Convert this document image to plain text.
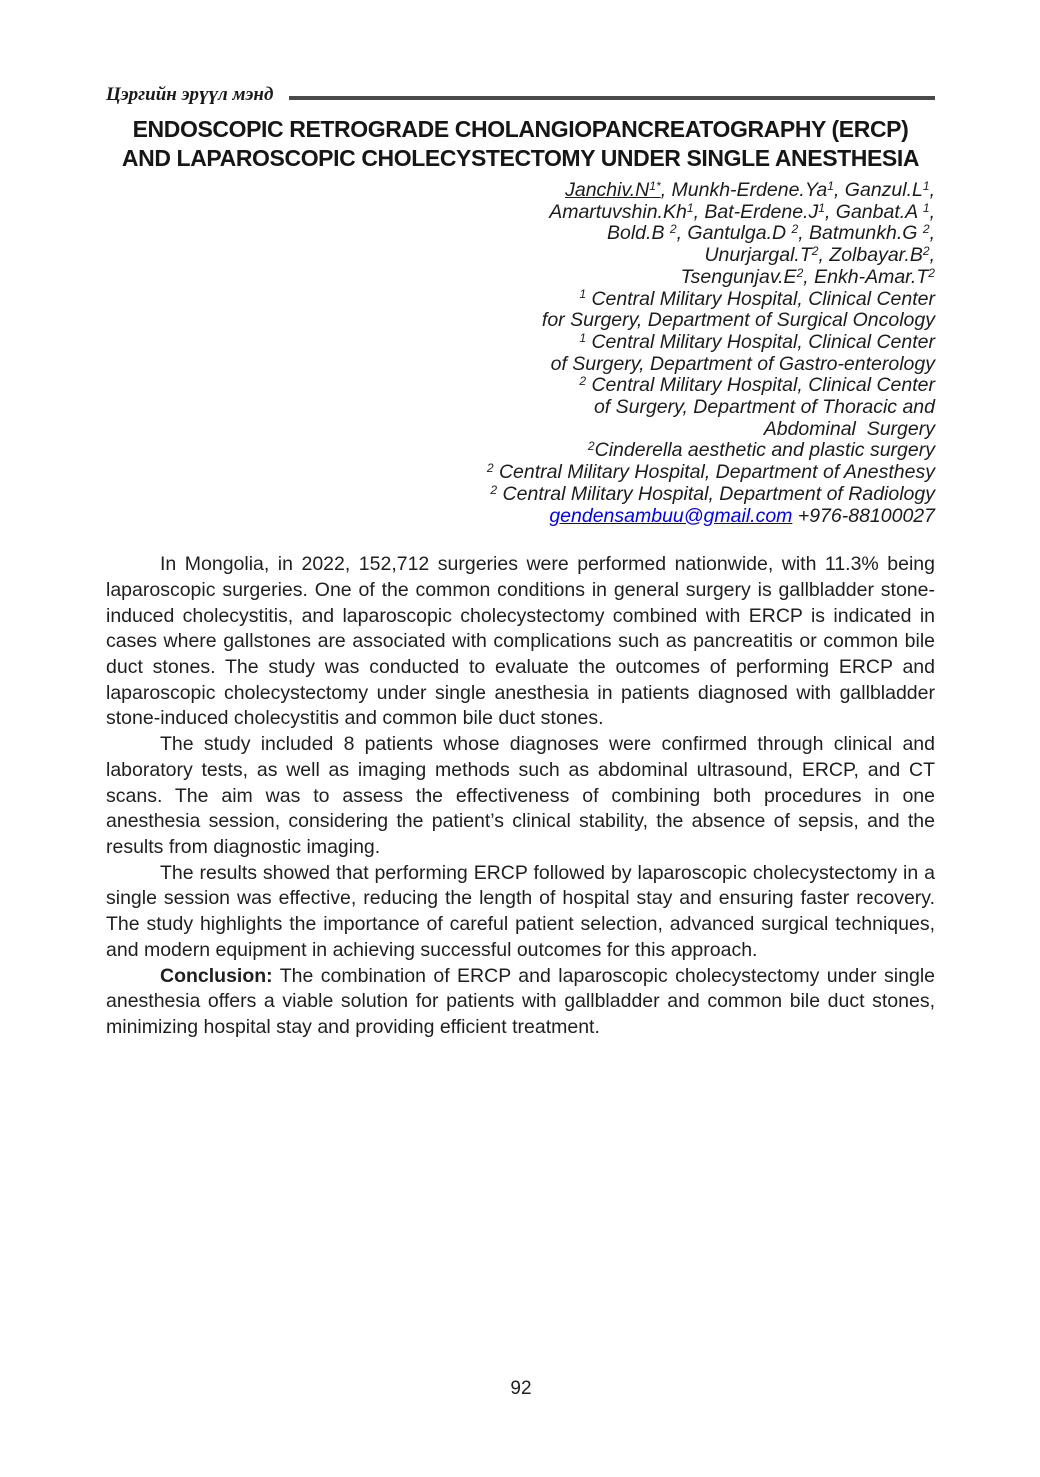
Цэргийн эрүүл мэнд
ENDOSCOPIC RETROGRADE CHOLANGIOPANCREATOGRAPHY (ERCP)
AND LAPAROSCOPIC CHOLECYSTECTOMY UNDER SINGLE ANESTHESIA
$Janchiv.N^{1*}$, Munkh-Erdene.Ya$^1$, $Ganzul.L^1$,
Amartuvshin.Kh$^1$, Bat-$Erdene.J^1$, Ganbat.A $^1$,
Bold.B $^2$, Gantulga.D $^2$, Batmunkh.G $^2$,
$Unurjargal.T^2$, $Zolbayar.B^2$,
$Tsengunjav.E^2$, Enkh-$Amar.T^2$
$^1$ Central Military Hospital, Clinical Center
for Surgery, Department of Surgical Oncology
$^1$ Central Military Hospital, Clinical Center
of Surgery, Department of Gastro-enterology
$^2$ Central Military Hospital, Clinical Center
of Surgery, Department of Thoracic and
Abdominal  Surgery
$^2$Cinderella aesthetic and plastic surgery
$^2$ Central Military Hospital, Department of Anesthesy
$^2$ Central Military Hospital, Department of Radiology
gendensambuu@gmail.com +976-88100027
In Mongolia, in 2022, 152,712 surgeries were performed nationwide, with 11.3% being laparoscopic surgeries. One of the common conditions in general surgery is gallbladder stone-induced cholecystitis, and laparoscopic cholecystectomy combined with ERCP is indicated in cases where gallstones are associated with complications such as pancreatitis or common bile duct stones. The study was conducted to evaluate the outcomes of performing ERCP and laparoscopic cholecystectomy under single anesthesia in patients diagnosed with gallbladder stone-induced cholecystitis and common bile duct stones.
The study included 8 patients whose diagnoses were confirmed through clinical and laboratory tests, as well as imaging methods such as abdominal ultrasound, ERCP, and CT scans. The aim was to assess the effectiveness of combining both procedures in one anesthesia session, considering the patient’s clinical stability, the absence of sepsis, and the results from diagnostic imaging.
The results showed that performing ERCP followed by laparoscopic cholecystectomy in a single session was effective, reducing the length of hospital stay and ensuring faster recovery. The study highlights the importance of careful patient selection, advanced surgical techniques, and modern equipment in achieving successful outcomes for this approach.
Conclusion: The combination of ERCP and laparoscopic cholecystectomy under single anesthesia offers a viable solution for patients with gallbladder and common bile duct stones, minimizing hospital stay and providing efficient treatment.
92
